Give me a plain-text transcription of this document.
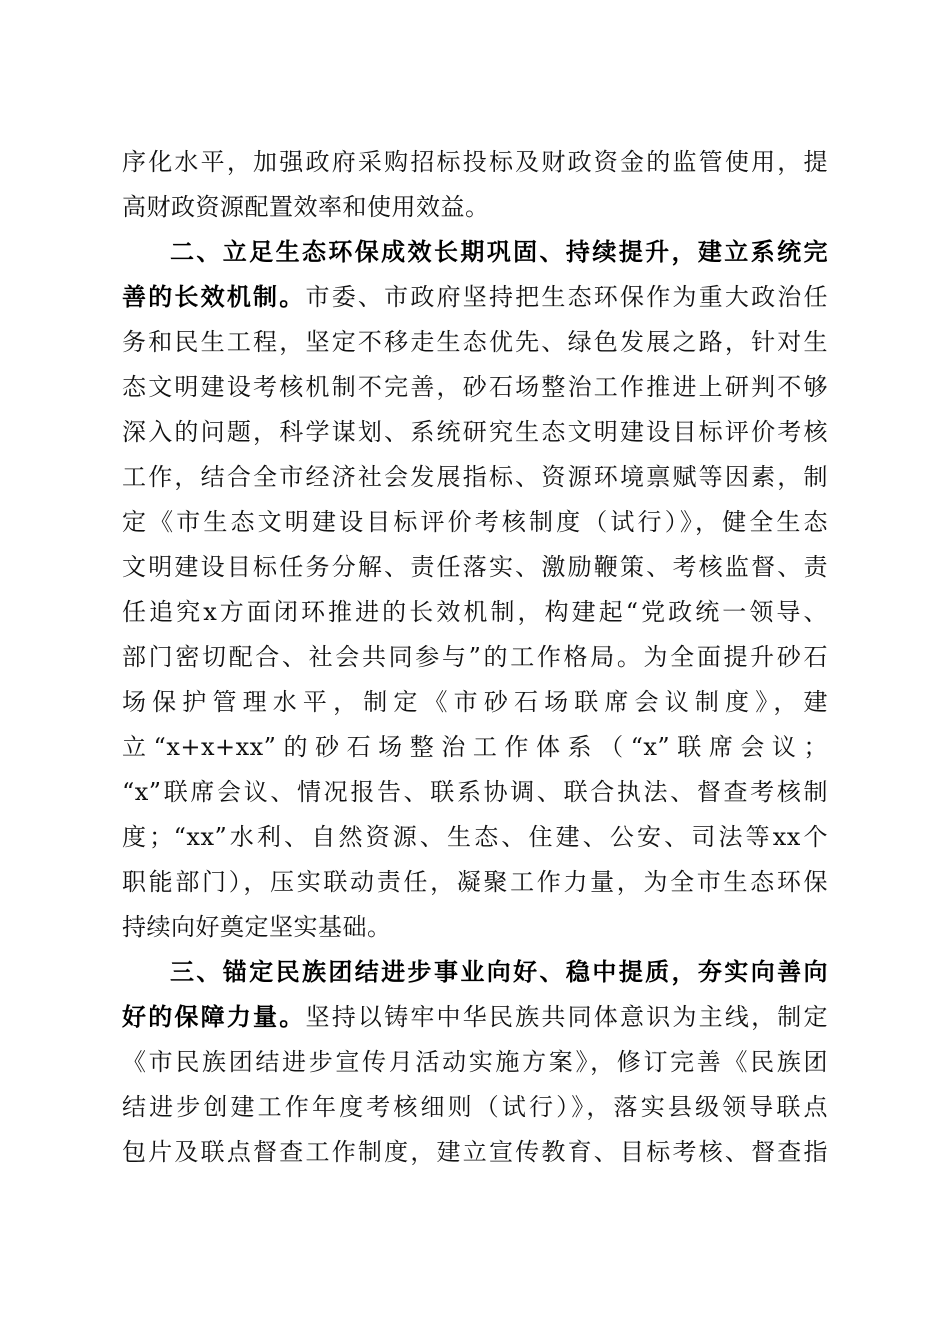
序化水平，加强政府采购招标投标及财政资金的监管使用，提
高财政资源配置效率和使用效益。
二、立足生态环保成效长期巩固、持续提升，建立系统完
善的长效机制。市委、市政府坚持把生态环保作为重大政治任
务和民生工程，坚定不移走生态优先、绿色发展之路，针对生
态文明建设考核机制不完善，砂石场整治工作推进上研判不够
深入的问题，科学谋划、系统研究生态文明建设目标评价考核
工作，结合全市经济社会发展指标、资源环境禀赋等因素，制
定《市生态文明建设目标评价考核制度（试行）》，健全生态
文明建设目标任务分解、责任落实、激励鞭策、考核监督、责
任追究x方面闭环推进的长效机制，构建起“党政统一领导、
部门密切配合、社会共同参与”的工作格局。为全面提升砂石
场保护管理水平，制定《市砂石场联席会议制度》，建
立“x+x+xx”的砂石场整治工作体系（“x”联席会议；
“x”联席会议、情况报告、联系协调、联合执法、督查考核制
度；“xx”水利、自然资源、生态、住建、公安、司法等xx个
职能部门），压实联动责任，凝聚工作力量，为全市生态环保
持续向好奠定坚实基础。
三、锚定民族团结进步事业向好、稳中提质，夯实向善向
好的保障力量。坚持以铸牢中华民族共同体意识为主线，制定
《市民族团结进步宣传月活动实施方案》，修订完善《民族团
结进步创建工作年度考核细则（试行）》，落实县级领导联点
包片及联点督查工作制度，建立宣传教育、目标考核、督查指
